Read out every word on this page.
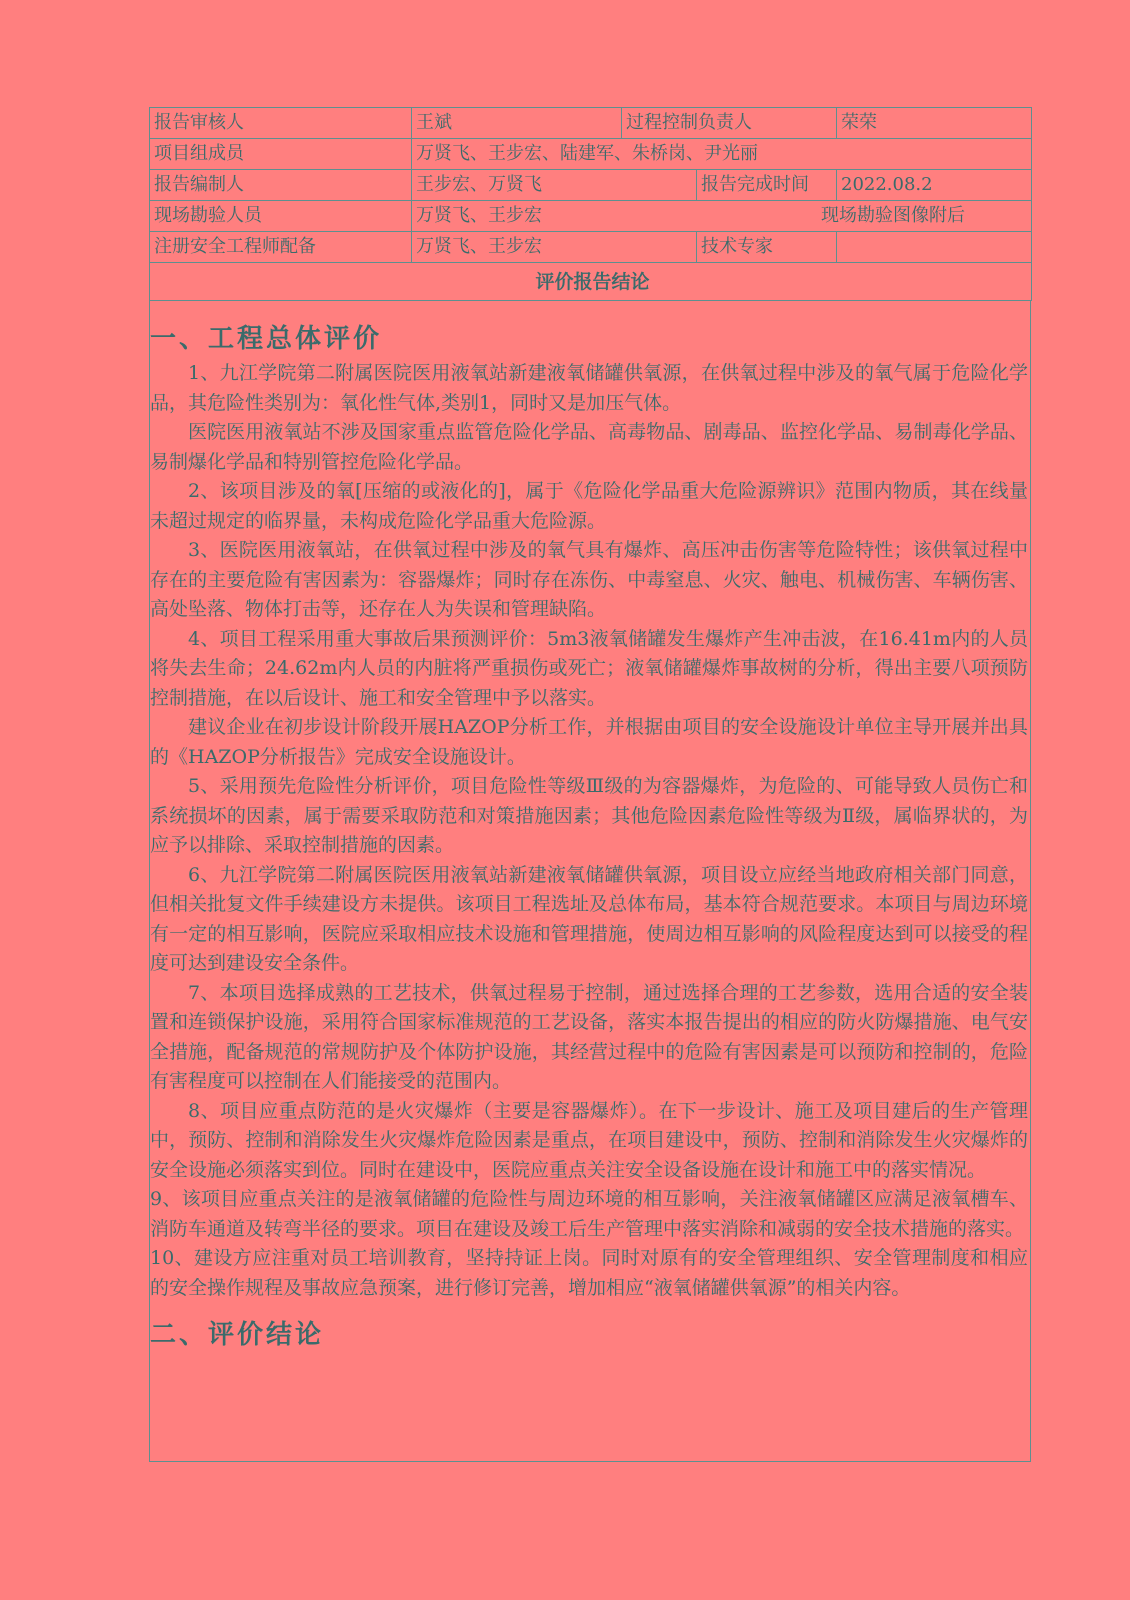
报告审核人	王斌	过程控制负责人		荣荣
项目组成员	万贤飞、王步宏、陆建军、朱桥岗、尹光丽			
报告编制人	王步宏、万贤飞		报告完成时间	2022.08.2
现场勘验人员	万贤飞、王步宏 现场勘验图像附后			

注册安全工程师配备	万贤飞、王步宏		技术专家	
评价报告结论				
一、工程总体评价

1、九江学院第二附属医院医用液氧站新建液氧储罐供氧源，在供氧过程中涉及的氧气属于危险化学品，其危险性类别为：氧化性气体,类别1，同时又是加压气体。

医院医用液氧站不涉及国家重点监管危险化学品、高毒物品、剧毒品、监控化学品、易制毒化学品、易制爆化学品和特别管控危险化学品。

2、该项目涉及的氧[压缩的或液化的]，属于《危险化学品重大危险源辨识》范围内物质，其在线量未超过规定的临界量，未构成危险化学品重大危险源。

3、医院医用液氧站，在供氧过程中涉及的氧气具有爆炸、高压冲击伤害等危险特性；该供氧过程中存在的主要危险有害因素为：容器爆炸；同时存在冻伤、中毒窒息、火灾、触电、机械伤害、车辆伤害、高处坠落、物体打击等，还存在人为失误和管理缺陷。

4、项目工程采用重大事故后果预测评价：5m3液氧储罐发生爆炸产生冲击波，在16.41m内的人员将失去生命；24.62m内人员的内脏将严重损伤或死亡；液氧储罐爆炸事故树的分析，得出主要八项预防控制措施，在以后设计、施工和安全管理中予以落实。

建议企业在初步设计阶段开展HAZOP分析工作，并根据由项目的安全设施设计单位主导开展并出具的《HAZOP分析报告》完成安全设施设计。

5、采用预先危险性分析评价，项目危险性等级Ⅲ级的为容器爆炸，为危险的、可能导致人员伤亡和系统损坏的因素，属于需要采取防范和对策措施因素；其他危险因素危险性等级为Ⅱ级，属临界状的，为应予以排除、采取控制措施的因素。

6、九江学院第二附属医院医用液氧站新建液氧储罐供氧源，项目设立应经当地政府相关部门同意，但相关批复文件手续建设方未提供。该项目工程选址及总体布局，基本符合规范要求。本项目与周边环境有一定的相互影响，医院应采取相应技术设施和管理措施，使周边相互影响的风险程度达到可以接受的程度可达到建设安全条件。

7、本项目选择成熟的工艺技术，供氧过程易于控制，通过选择合理的工艺参数，选用合适的安全装置和连锁保护设施，采用符合国家标准规范的工艺设备，落实本报告提出的相应的防火防爆措施、电气安全措施，配备规范的常规防护及个体防护设施，其经营过程中的危险有害因素是可以预防和控制的，危险有害程度可以控制在人们能接受的范围内。

8、项目应重点防范的是火灾爆炸（主要是容器爆炸）。在下一步设计、施工及项目建后的生产管理中，预防、控制和消除发生火灾爆炸危险因素是重点，在项目建设中，预防、控制和消除发生火灾爆炸的安全设施必须落实到位。同时在建设中，医院应重点关注安全设备设施在设计和施工中的落实情况。

9、该项目应重点关注的是液氧储罐的危险性与周边环境的相互影响，关注液氧储罐区应满足液氧槽车、消防车通道及转弯半径的要求。项目在建设及竣工后生产管理中落实消除和减弱的安全技术措施的落实。

10、建设方应注重对员工培训教育，坚持持证上岗。同时对原有的安全管理组织、安全管理制度和相应的安全操作规程及事故应急预案，进行修订完善，增加相应“液氧储罐供氧源”的相关内容。

二、评价结论
